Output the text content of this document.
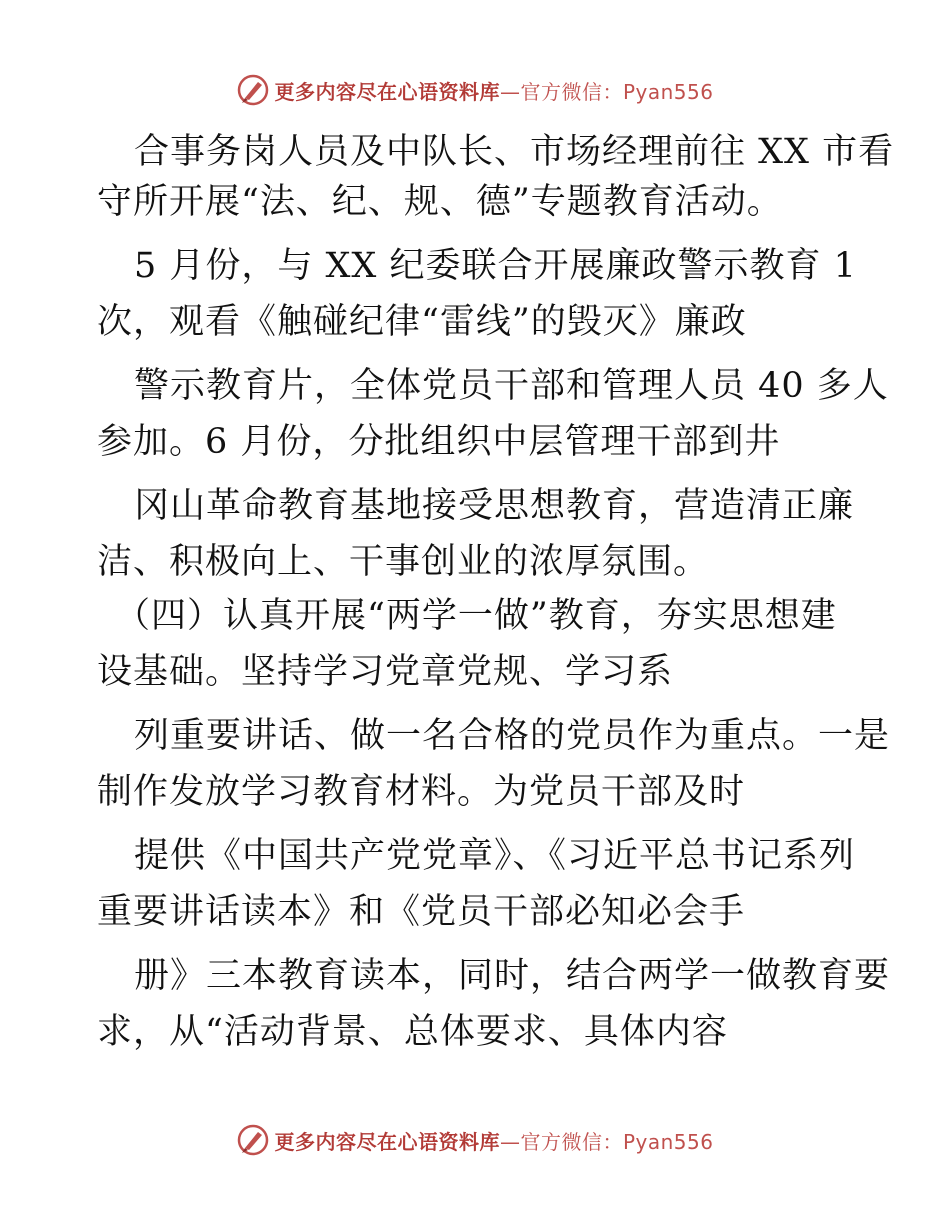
更多内容尽在心语资料库—官方微信：Pyan556
合事务岗人员及中队长、市场经理前往 XX 市看
守所开展“法、纪、规、德”专题教育活动。
5 月份，与 XX 纪委联合开展廉政警示教育 1
次，观看《触碰纪律“雷线”的毁灭》廉政
警示教育片，全体党员干部和管理人员 40 多人
参加。6 月份，分批组织中层管理干部到井
冈山革命教育基地接受思想教育，营造清正廉
洁、积极向上、干事创业的浓厚氛围。
（四）认真开展“两学一做”教育，夯实思想建
设基础。坚持学习党章党规、学习系
列重要讲话、做一名合格的党员作为重点。一是
制作发放学习教育材料。为党员干部及时
提供《中国共产党党章》、《习近平总书记系列
重要讲话读本》和《党员干部必知必会手
册》三本教育读本，同时，结合两学一做教育要
求，从“活动背景、总体要求、具体内容
更多内容尽在心语资料库—官方微信：Pyan556
